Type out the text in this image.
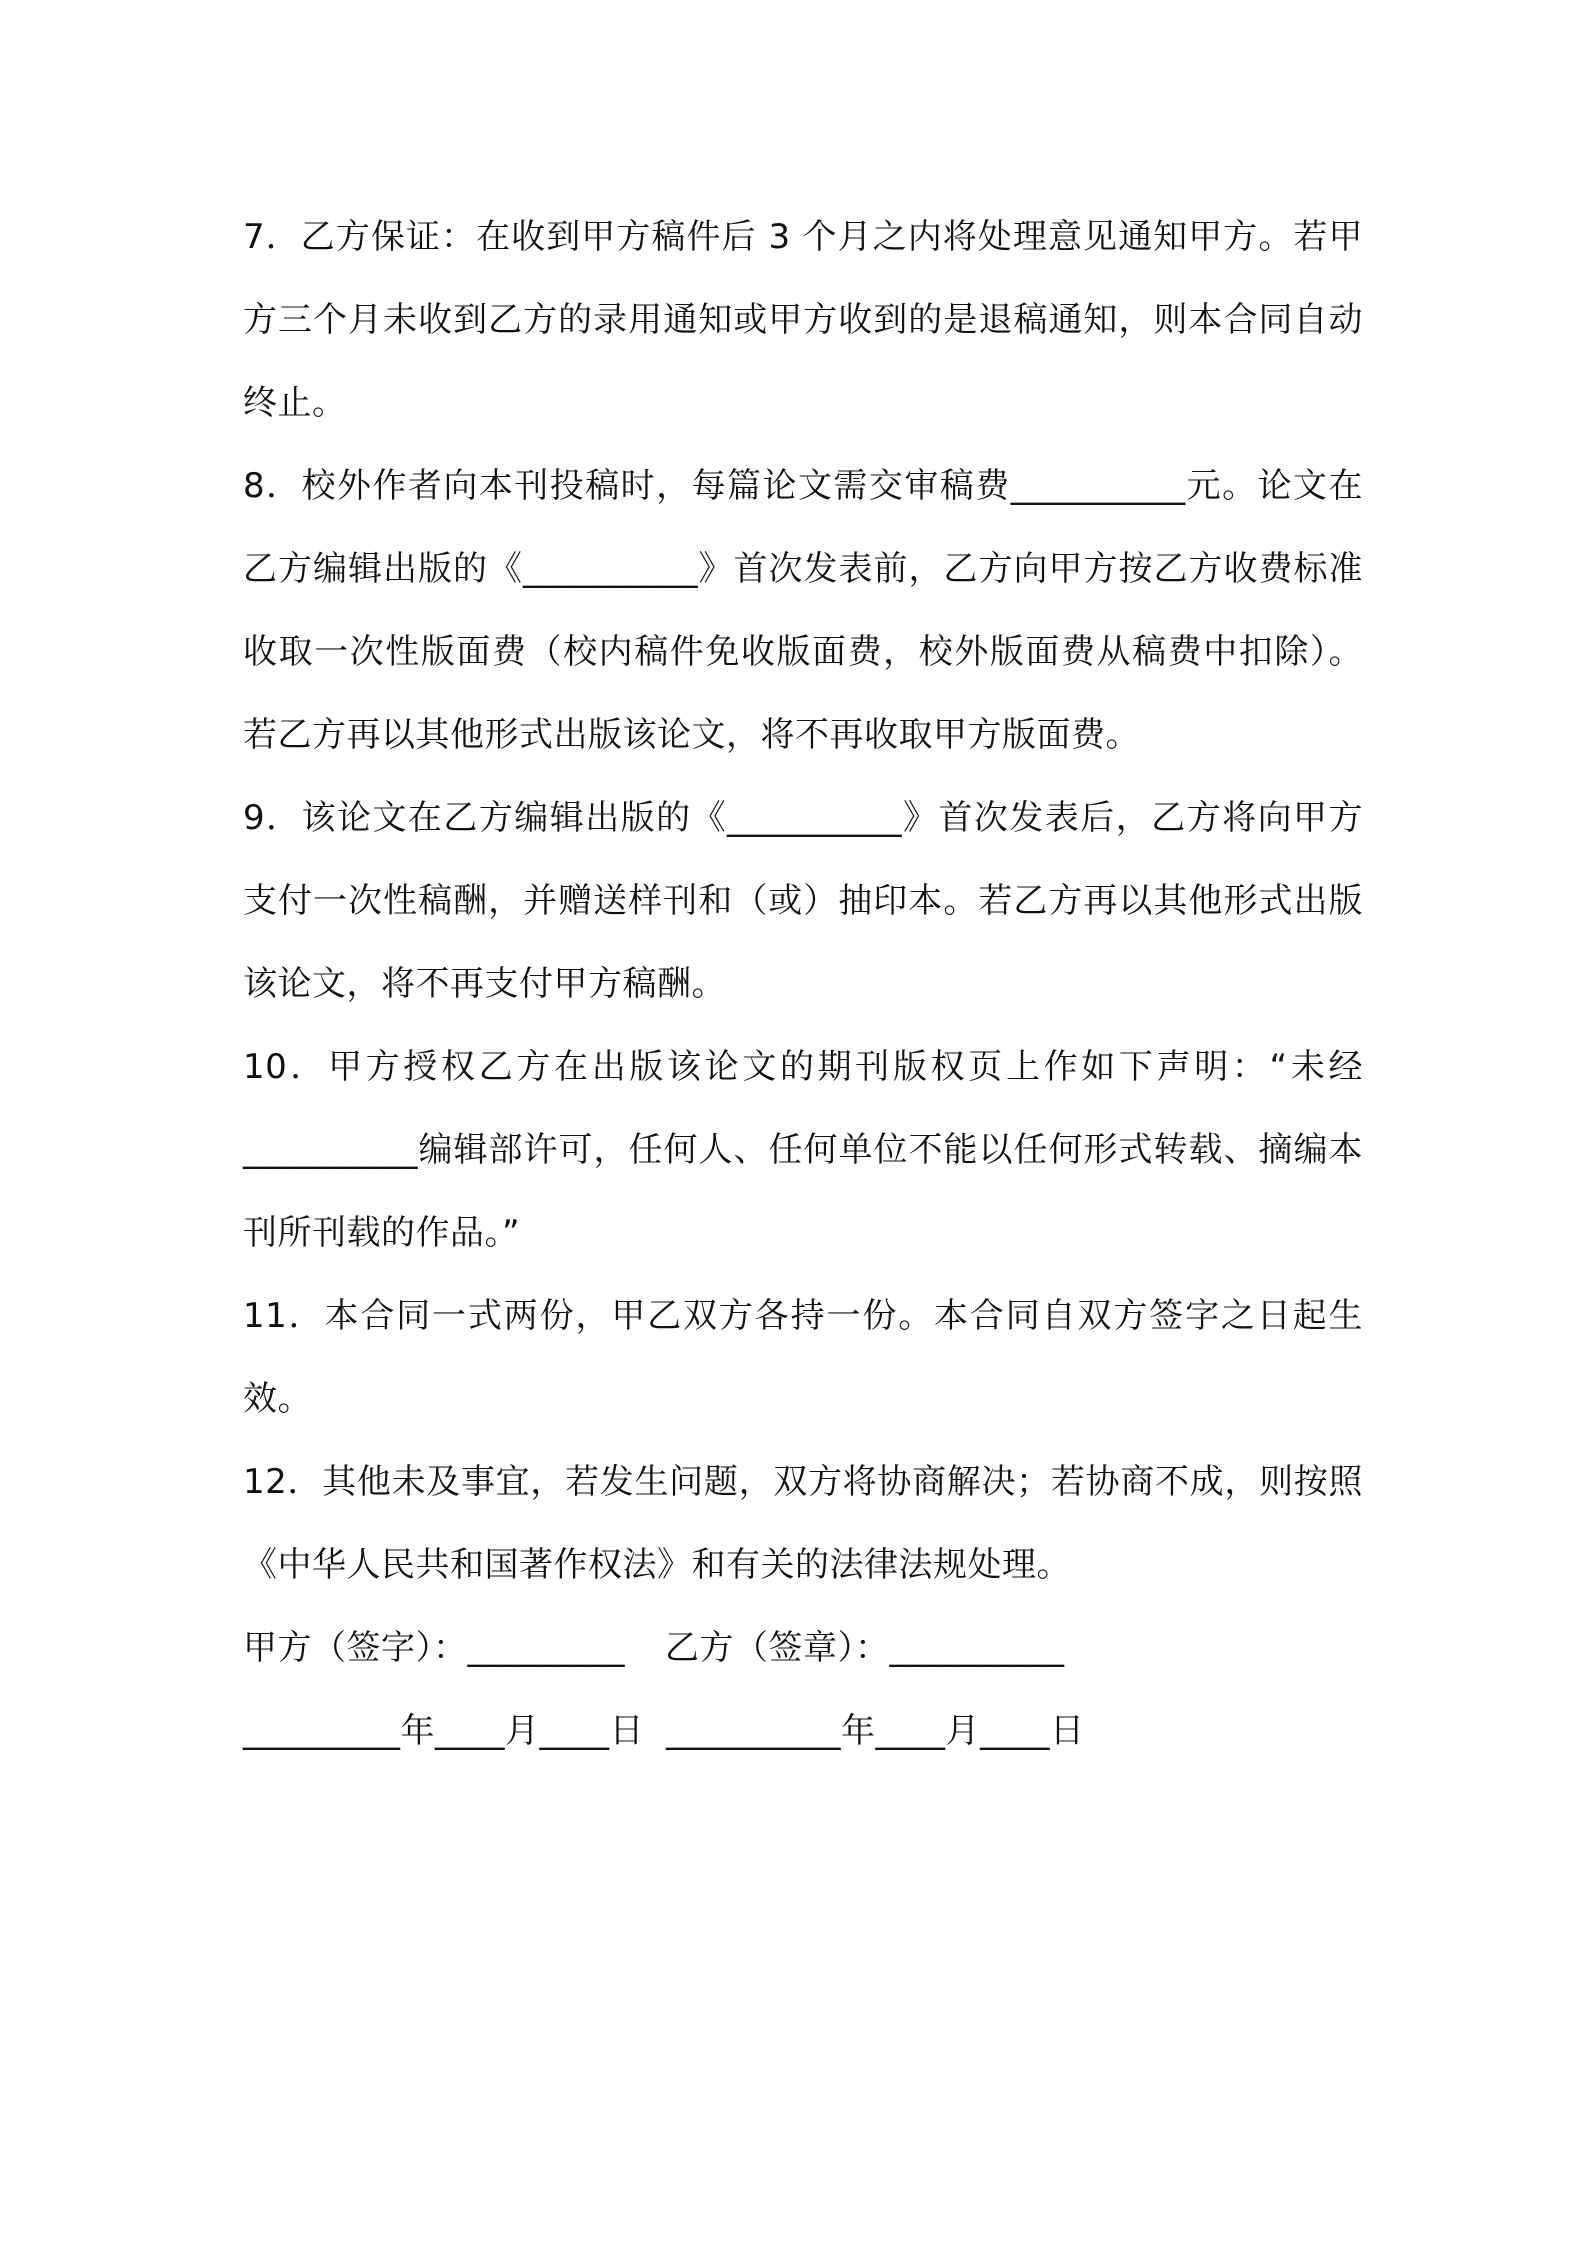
7．乙方保证：在收到甲方稿件后 3 个月之内将处理意见通知甲方。若甲方三个月未收到乙方的录用通知或甲方收到的是退稿通知，则本合同自动终止。

8．校外作者向本刊投稿时，每篇论文需交审稿费__________元。论文在乙方编辑出版的《__________》首次发表前，乙方向甲方按乙方收费标准收取一次性版面费（校内稿件免收版面费，校外版面费从稿费中扣除）。若乙方再以其他形式出版该论文，将不再收取甲方版面费。

9．该论文在乙方编辑出版的《__________》首次发表后，乙方将向甲方支付一次性稿酬，并赠送样刊和（或）抽印本。若乙方再以其他形式出版该论文，将不再支付甲方稿酬。

10．甲方授权乙方在出版该论文的期刊版权页上作如下声明：“未经__________编辑部许可，任何人、任何单位不能以任何形式转载、摘编本刊所刊载的作品。”

11．本合同一式两份，甲乙双方各持一份。本合同自双方签字之日起生效。

12．其他未及事宜，若发生问题，双方将协商解决；若协商不成，则按照《中华人民共和国著作权法》和有关的法律法规处理。

甲方（签字）：_________ 乙方（签章）：__________
_________年____月____日 __________年____月____日
